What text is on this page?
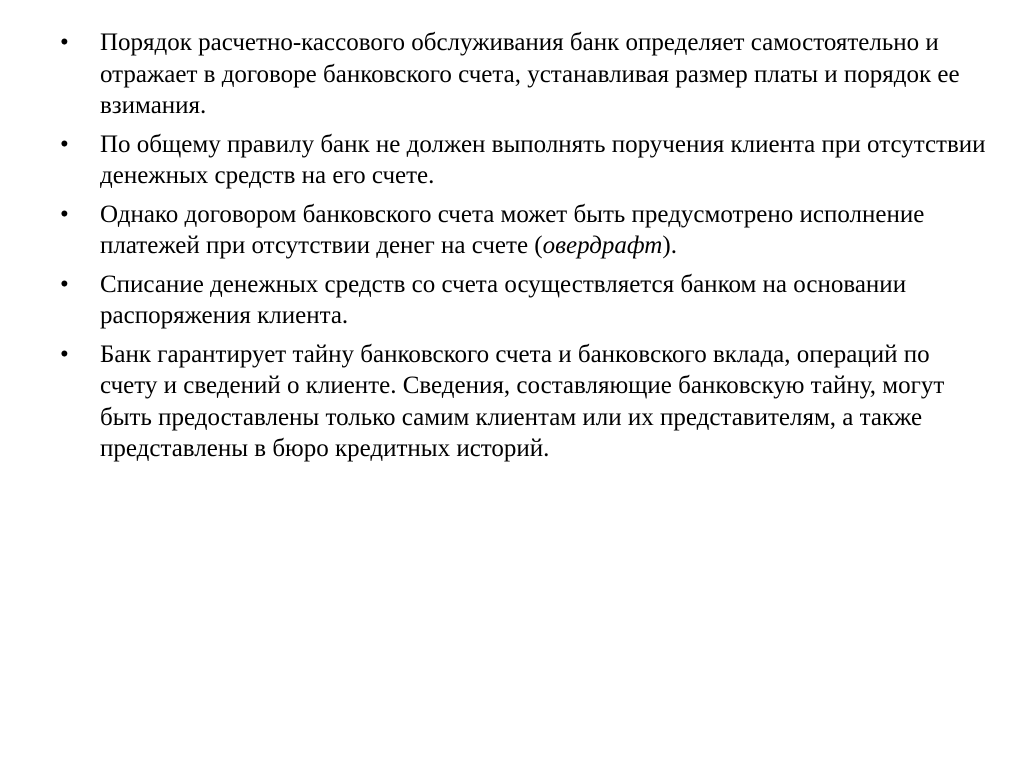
•	Порядок расчетно-кассового обслуживания банк определяет самостоятельно и отражает в договоре банковского счета, устанавливая размер платы и порядок ее взимания.
•	По общему правилу банк не должен выполнять поручения клиента при отсутствии денежных средств на его счете.
•	Однако договором банковского счета может быть предусмотрено исполнение платежей при отсутствии денег на счете (овердрафт).
•	Списание денежных средств со счета осуществляется банком на основании распоряжения клиента.
•	Банк гарантирует тайну банковского счета и банковского вклада, операций по счету и сведений о клиенте. Сведения, составляющие банковскую тайну, могут быть предоставлены только самим клиентам или их представителям, а также представлены в бюро кредитных историй.
